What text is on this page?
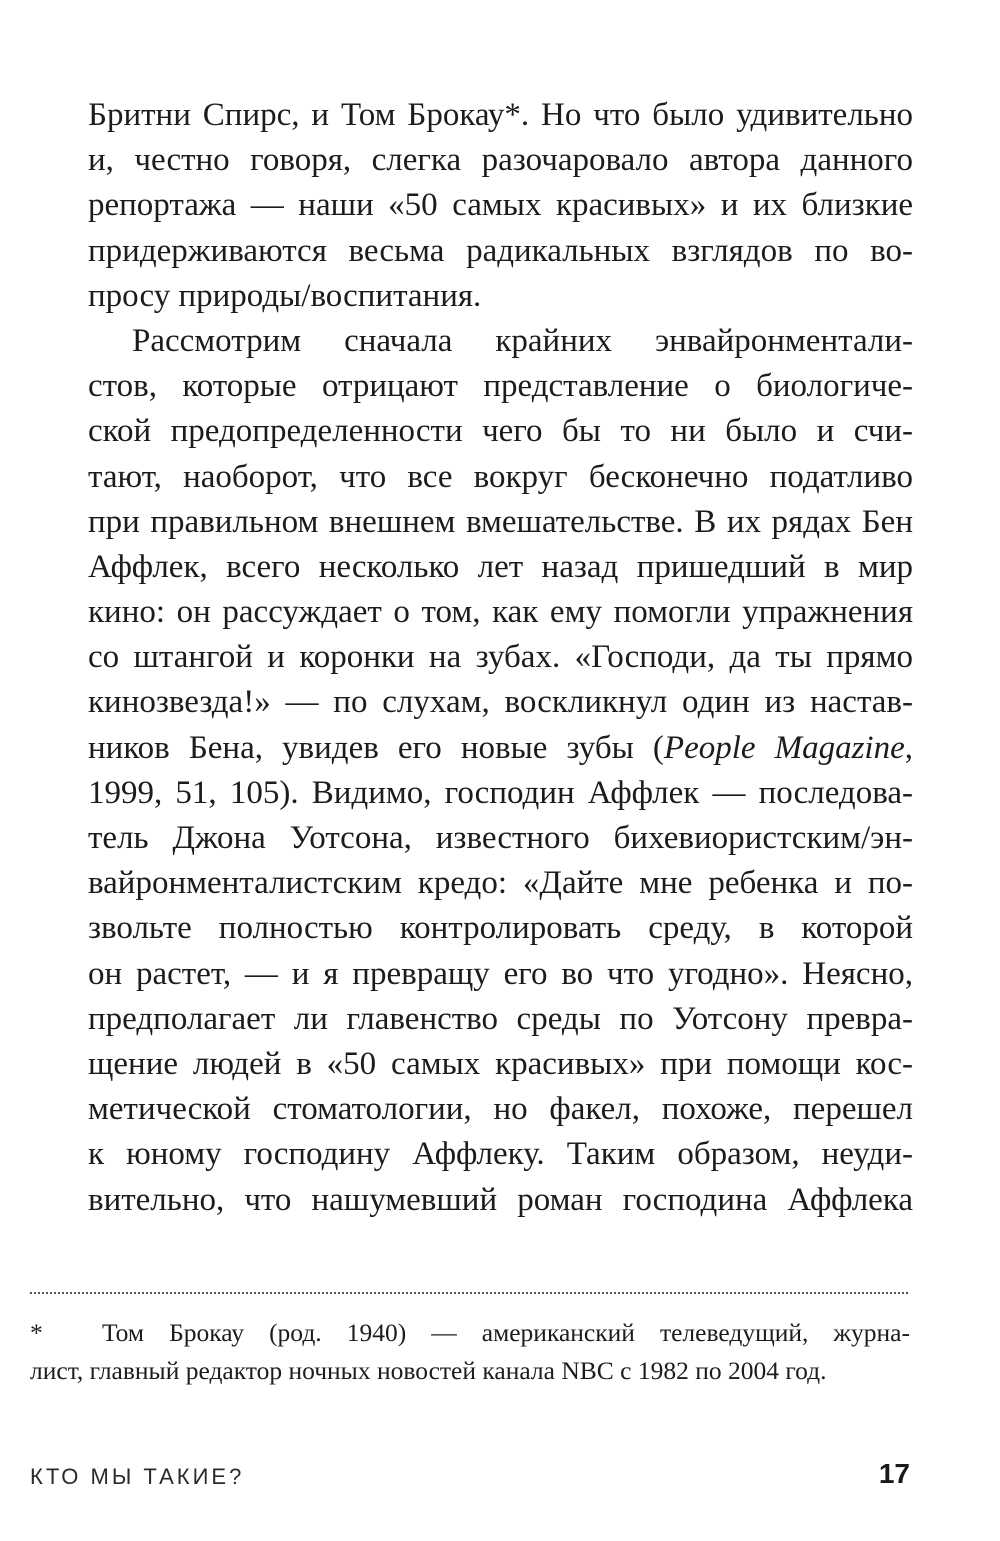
Бритни Спирс, и Том Брокау*. Но что было удивительно
и, честно говоря, слегка разочаровало автора данного
репортажа — наши «50 самых красивых» и их близкие
придерживаются весьма радикальных взглядов по во-
просу природы/воспитания.
Рассмотрим сначала крайних энвайронментали-
стов, которые отрицают представление о биологиче-
ской предопределенности чего бы то ни было и счи-
тают, наоборот, что все вокруг бесконечно податливо
при правильном внешнем вмешательстве. В их рядах Бен
Аффлек, всего несколько лет назад пришедший в мир
кино: он рассуждает о том, как ему помогли упражнения
со штангой и коронки на зубах. «Господи, да ты прямо
кинозвезда!» — по слухам, воскликнул один из настав-
ников Бена, увидев его новые зубы (People Magazine,
1999, 51, 105). Видимо, господин Аффлек — последова-
тель Джона Уотсона, известного бихевиористским/эн-
вайронменталистским кредо: «Дайте мне ребенка и по-
звольте полностью контролировать среду, в которой
он растет, — и я превращу его во что угодно». Неясно,
предполагает ли главенство среды по Уотсону превра-
щение людей в «50 самых красивых» при помощи кос-
метической стоматологии, но факел, похоже, перешел
к юному господину Аффлеку. Таким образом, неуди-
вительно, что нашумевший роман господина Аффлека
* Том Брокау (род. 1940) — американский телеведущий, журна-
лист, главный редактор ночных новостей канала NBC с 1982 по 2004 год.
КТО МЫ ТАКИЕ?	17
